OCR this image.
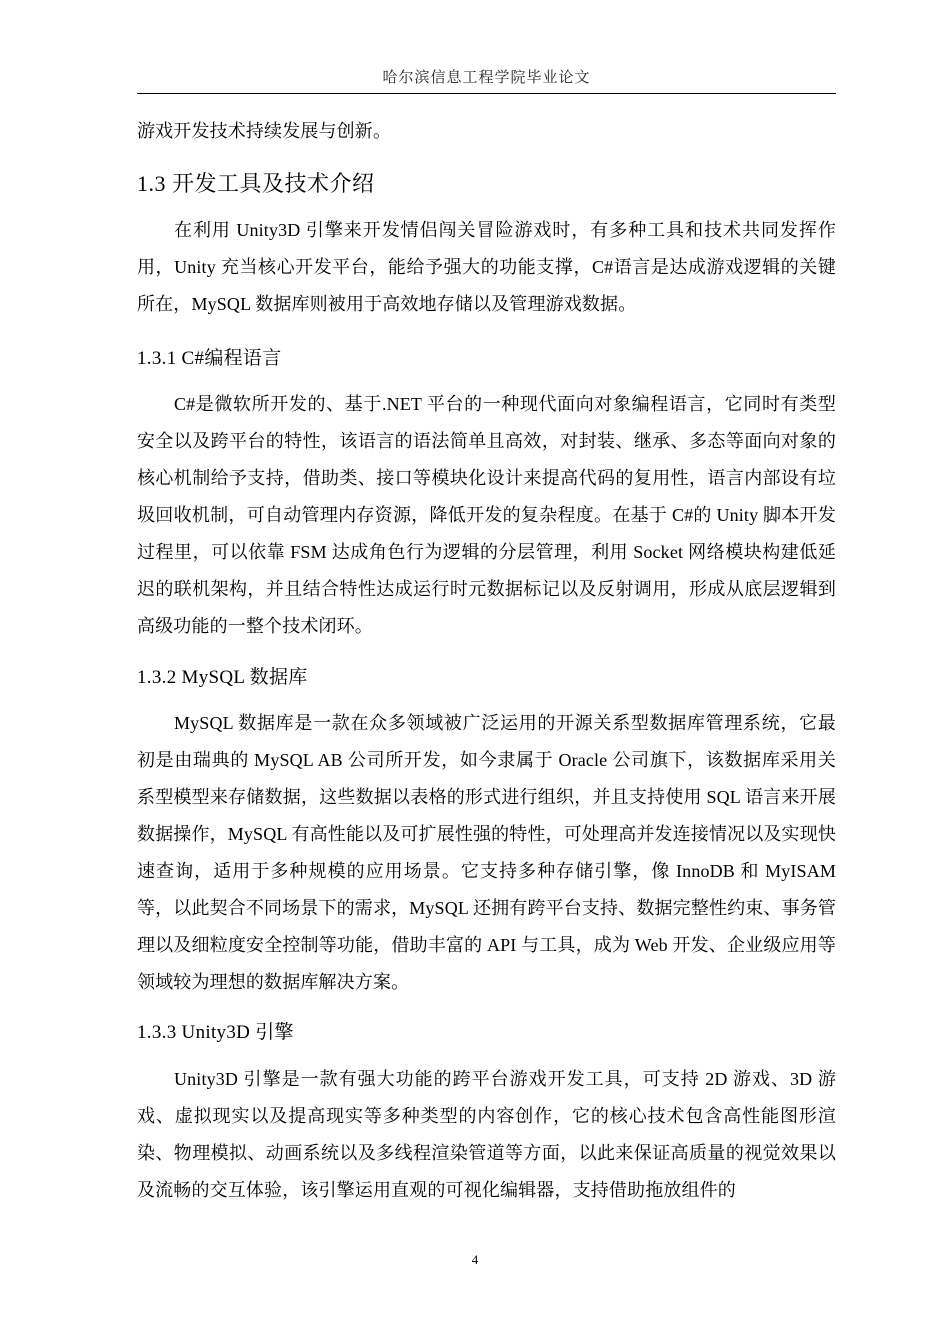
哈尔滨信息工程学院毕业论文

游戏开发技术持续发展与创新。

1.3 开发工具及技术介绍

在利用 Unity3D 引擎来开发情侣闯关冒险游戏时，有多种工具和技术共同发挥作用，Unity 充当核心开发平台，能给予强大的功能支撑，C#语言是达成游戏逻辑的关键所在，MySQL 数据库则被用于高效地存储以及管理游戏数据。

1.3.1 C#编程语言

C#是微软所开发的、基于.NET 平台的一种现代面向对象编程语言，它同时有类型安全以及跨平台的特性，该语言的语法简单且高效，对封装、继承、多态等面向对象的核心机制给予支持，借助类、接口等模块化设计来提高代码的复用性，语言内部设有垃圾回收机制，可自动管理内存资源，降低开发的复杂程度。在基于 C#的 Unity 脚本开发过程里，可以依靠 FSM 达成角色行为逻辑的分层管理，利用 Socket 网络模块构建低延迟的联机架构，并且结合特性达成运行时元数据标记以及反射调用，形成从底层逻辑到高级功能的一整个技术闭环。

1.3.2 MySQL 数据库

MySQL 数据库是一款在众多领域被广泛运用的开源关系型数据库管理系统，它最初是由瑞典的 MySQL AB 公司所开发，如今隶属于 Oracle 公司旗下，该数据库采用关系型模型来存储数据，这些数据以表格的形式进行组织，并且支持使用 SQL 语言来开展数据操作，MySQL 有高性能以及可扩展性强的特性，可处理高并发连接情况以及实现快速查询，适用于多种规模的应用场景。它支持多种存储引擎，像 InnoDB 和 MyISAM 等，以此契合不同场景下的需求，MySQL 还拥有跨平台支持、数据完整性约束、事务管理以及细粒度安全控制等功能，借助丰富的 API 与工具，成为 Web 开发、企业级应用等领域较为理想的数据库解决方案。

1.3.3 Unity3D 引擎

Unity3D 引擎是一款有强大功能的跨平台游戏开发工具，可支持 2D 游戏、3D 游戏、虚拟现实以及提高现实等多种类型的内容创作，它的核心技术包含高性能图形渲染、物理模拟、动画系统以及多线程渲染管道等方面，以此来保证高质量的视觉效果以及流畅的交互体验，该引擎运用直观的可视化编辑器，支持借助拖放组件的

4
